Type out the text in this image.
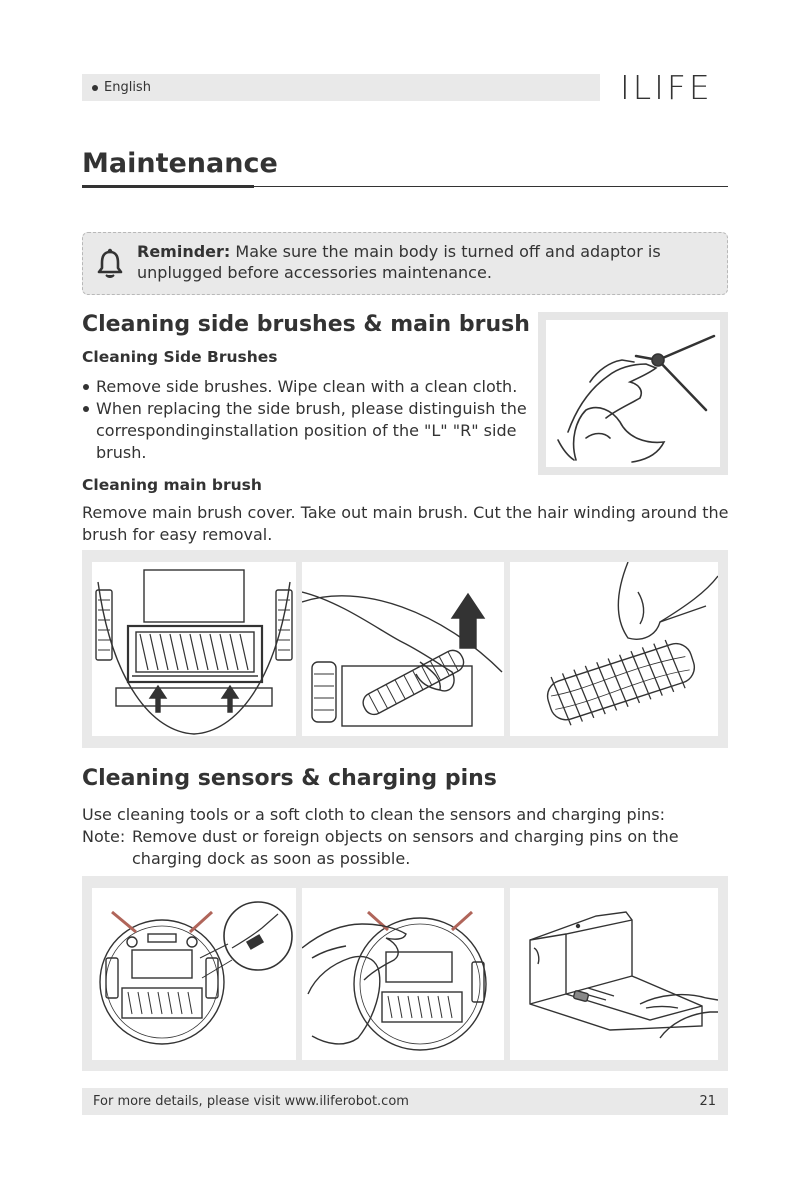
English	ILIFE
Maintenance
Reminder: Make sure the main body is turned off and adaptor is unplugged before accessories maintenance.
Cleaning side brushes & main brush
Cleaning Side Brushes
Remove side brushes. Wipe clean with a clean cloth.
When replacing the side brush, please distinguish the correspondinginstallation position of the "L" "R" side brush.
Cleaning main brush
Remove main brush cover. Take out main brush. Cut the hair winding around the brush for easy removal.
Cleaning sensors & charging pins
Use cleaning tools or a soft cloth to clean the sensors and charging pins:
Note: Remove dust or foreign objects on sensors and charging pins on the charging dock as soon as possible.
For more details, please visit www.iliferobot.com	21
